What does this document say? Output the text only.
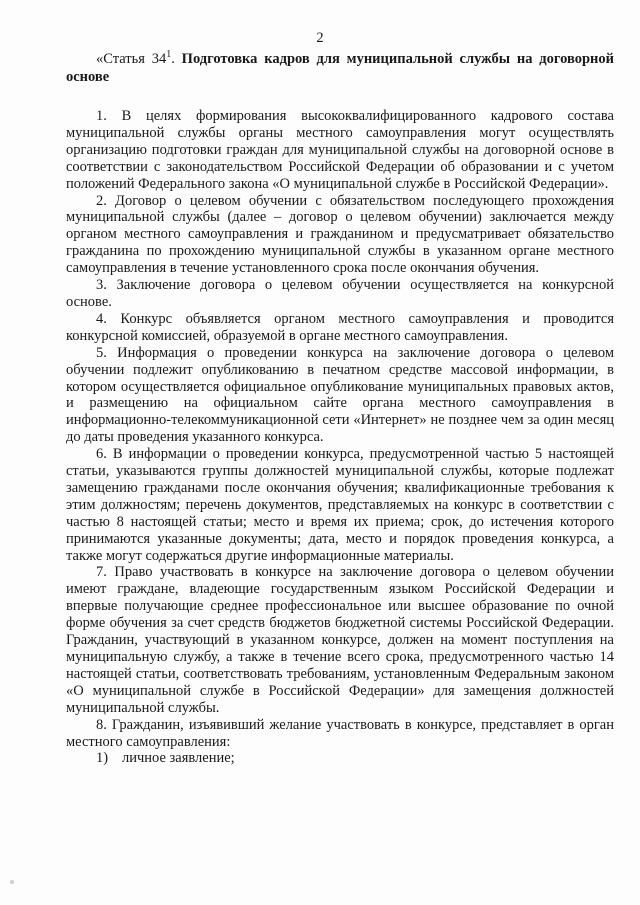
2
«Статья $34^1$. Подготовка кадров для муниципальной службы на договорной основе

1. В целях формирования высококвалифицированного кадрового состава муниципальной службы органы местного самоуправления могут осуществлять организацию подготовки граждан для муниципальной службы на договорной основе в соответствии с законодательством Российской Федерации об образовании и с учетом положений Федерального закона «О муниципальной службе в Российской Федерации».

2. Договор о целевом обучении с обязательством последующего прохождения муниципальной службы (далее – договор о целевом обучении) заключается между органом местного самоуправления и гражданином и предусматривает обязательство гражданина по прохождению муниципальной службы в указанном органе местного самоуправления в течение установленного срока после окончания обучения.

3. Заключение договора о целевом обучении осуществляется на конкурсной основе.

4. Конкурс объявляется органом местного самоуправления и проводится конкурсной комиссией, образуемой в органе местного самоуправления.

5. Информация о проведении конкурса на заключение договора о целевом обучении подлежит опубликованию в печатном средстве массовой информации, в котором осуществляется официальное опубликование муниципальных правовых актов, и размещению на официальном сайте органа местного самоуправления в информационно-телекоммуникационной сети «Интернет» не позднее чем за один месяц до даты проведения указанного конкурса.

6. В информации о проведении конкурса, предусмотренной частью 5 настоящей статьи, указываются группы должностей муниципальной службы, которые подлежат замещению гражданами после окончания обучения; квалификационные требования к этим должностям; перечень документов, представляемых на конкурс в соответствии с частью 8 настоящей статьи; место и время их приема; срок, до истечения которого принимаются указанные документы; дата, место и порядок проведения конкурса, а также могут содержаться другие информационные материалы.

7. Право участвовать в конкурсе на заключение договора о целевом обучении имеют граждане, владеющие государственным языком Российской Федерации и впервые получающие среднее профессиональное или высшее образование по очной форме обучения за счет средств бюджетов бюджетной системы Российской Федерации. Гражданин, участвующий в указанном конкурсе, должен на момент поступления на муниципальную службу, а также в течение всего срока, предусмотренного частью 14 настоящей статьи, соответствовать требованиям, установленным Федеральным законом «О муниципальной службе в Российской Федерации» для замещения должностей муниципальной службы.

8. Гражданин, изъявивший желание участвовать в конкурсе, представляет в орган местного самоуправления:

1) личное заявление;
